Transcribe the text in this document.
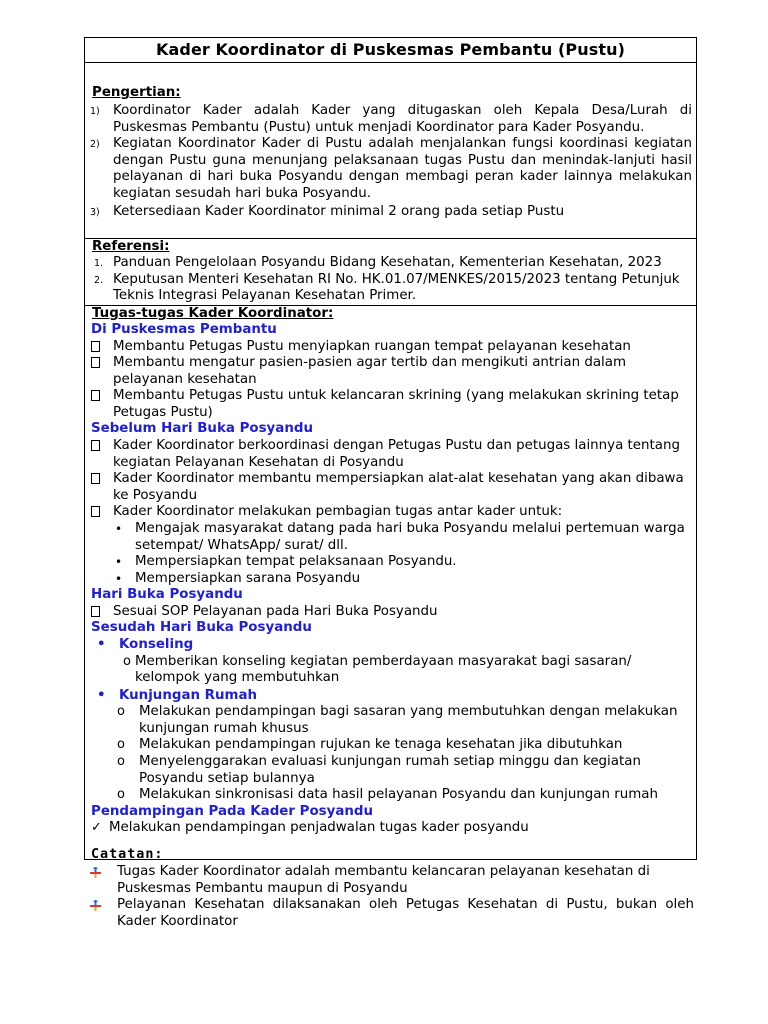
Kader Koordinator di Puskesmas Pembantu (Pustu)
Pengertian:
1) Koordinator Kader adalah Kader yang ditugaskan oleh Kepala Desa/Lurah di Puskesmas Pembantu (Pustu) untuk menjadi Koordinator para Kader Posyandu.
2) Kegiatan Koordinator Kader di Pustu adalah menjalankan fungsi koordinasi kegiatan dengan Pustu guna menunjang pelaksanaan tugas Pustu dan menindak-lanjuti hasil pelayanan di hari buka Posyandu dengan membagi peran kader lainnya melakukan kegiatan sesudah hari buka Posyandu.
3) Ketersediaan Kader Koordinator minimal 2 orang pada setiap Pustu
Referensi:
1. Panduan Pengelolaan Posyandu Bidang Kesehatan, Kementerian Kesehatan, 2023
2. Keputusan Menteri Kesehatan RI No. HK.01.07/MENKES/2015/2023 tentang Petunjuk Teknis Integrasi Pelayanan Kesehatan Primer.
Tugas-tugas Kader Koordinator:
Di Puskesmas Pembantu
Membantu Petugas Pustu menyiapkan ruangan tempat pelayanan kesehatan
Membantu mengatur pasien-pasien agar tertib dan mengikuti antrian dalam pelayanan kesehatan
Membantu Petugas Pustu untuk kelancaran skrining (yang melakukan skrining tetap Petugas Pustu)
Sebelum Hari Buka Posyandu
Kader Koordinator berkoordinasi dengan Petugas Pustu dan petugas lainnya tentang kegiatan Pelayanan Kesehatan di Posyandu
Kader Koordinator membantu mempersiapkan alat-alat kesehatan yang akan dibawa ke Posyandu
Kader Koordinator melakukan pembagian tugas antar kader untuk:
• Mengajak masyarakat datang pada hari buka Posyandu melalui pertemuan warga setempat/ WhatsApp/ surat/ dll.
• Mempersiapkan tempat pelaksanaan Posyandu.
• Mempersiapkan sarana Posyandu
Hari Buka Posyandu
Sesuai SOP Pelayanan pada Hari Buka Posyandu
Sesudah Hari Buka Posyandu
• Konseling
o Memberikan konseling kegiatan pemberdayaan masyarakat bagi sasaran/ kelompok yang membutuhkan
• Kunjungan Rumah
o Melakukan pendampingan bagi sasaran yang membutuhkan dengan melakukan kunjungan rumah khusus
o Melakukan pendampingan rujukan ke tenaga kesehatan jika dibutuhkan
o Menyelenggarakan evaluasi kunjungan rumah setiap minggu dan kegiatan Posyandu setiap bulannya
o Melakukan sinkronisasi data hasil pelayanan Posyandu dan kunjungan rumah
Pendampingan Pada Kader Posyandu
✓ Melakukan pendampingan penjadwalan tugas kader posyandu
Catatan:
Tugas Kader Koordinator adalah membantu kelancaran pelayanan kesehatan di Puskesmas Pembantu maupun di Posyandu
Pelayanan Kesehatan dilaksanakan oleh Petugas Kesehatan di Pustu, bukan oleh Kader Koordinator
